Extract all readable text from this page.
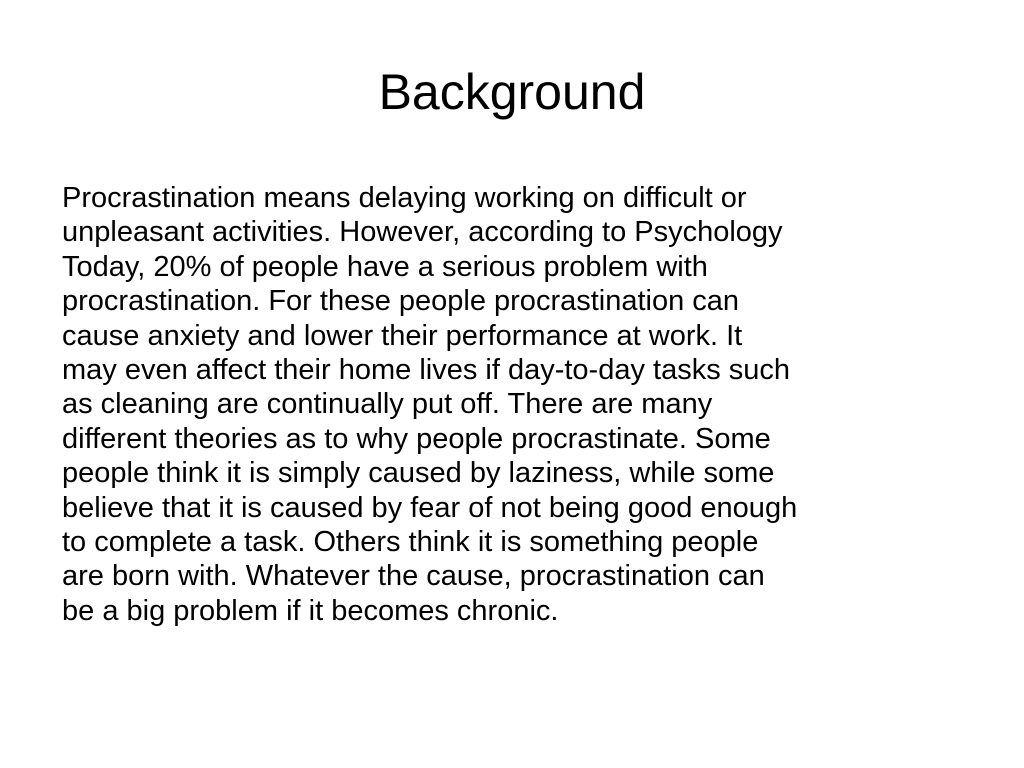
Background

Procrastination means delaying working on difficult or
unpleasant activities. However, according to Psychology
Today, 20% of people have a serious problem with
procrastination. For these people procrastination can
cause anxiety and lower their performance at work. It
may even affect their home lives if day-to-day tasks such
as cleaning are continually put off. There are many
different theories as to why people procrastinate. Some
people think it is simply caused by laziness, while some
believe that it is caused by fear of not being good enough
to complete a task. Others think it is something people
are born with. Whatever the cause, procrastination can
be a big problem if it becomes chronic.
